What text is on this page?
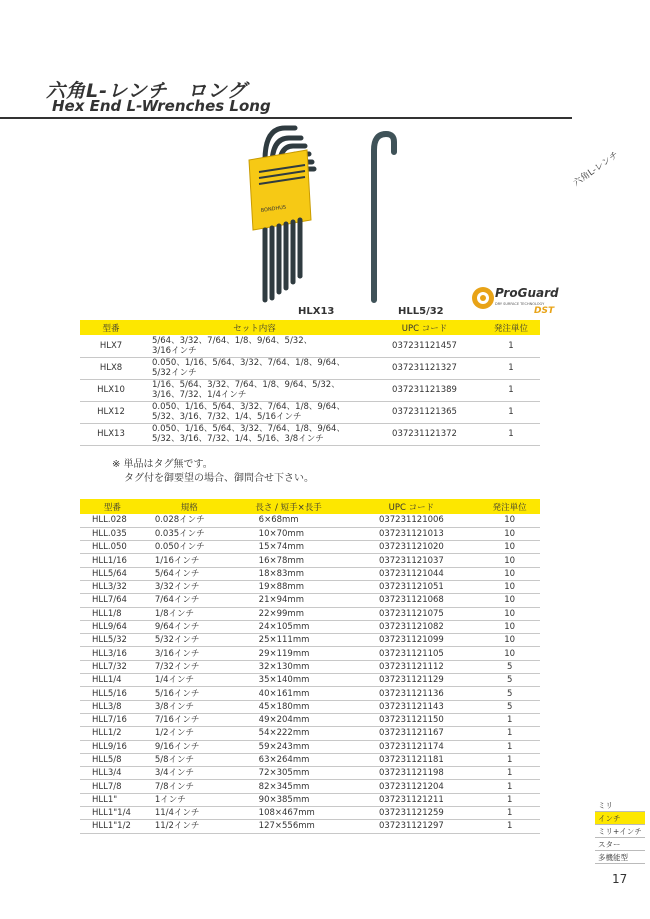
六角L-レンチ　ロング
Hex End L-Wrenches Long
六角L-レンチ
BONDHUS
HLX13	HLL5/32
ProGuard
DRY SURFACE TECHNOLOGY
DST
型番	セット内容	UPC コード	発注単位
HLX7	5/64、3/32、7/64、1/8、9/64、5/32、
3/16インチ	037231121457	1
HLX8	0.050、1/16、5/64、3/32、7/64、1/8、9/64、
5/32インチ	037231121327	1
HLX10	1/16、5/64、3/32、7/64、1/8、9/64、5/32、
3/16、7/32、1/4インチ	037231121389	1
HLX12	0.050、1/16、5/64、3/32、7/64、1/8、9/64、
5/32、3/16、7/32、1/4、5/16インチ	037231121365	1
HLX13	0.050、1/16、5/64、3/32、7/64、1/8、9/64、
5/32、3/16、7/32、1/4、5/16、3/8インチ	037231121372	1
※ 単品はタグ無です。
タグ付を御要望の場合、御問合せ下さい。
型番	規格	長さ / 短手×長手	UPC コード	発注単位
HLL.028	0.028インチ	6×68mm	037231121006	10
HLL.035	0.035インチ	10×70mm	037231121013	10
HLL.050	0.050インチ	15×74mm	037231121020	10
HLL1/16	1/16インチ	16×78mm	037231121037	10
HLL5/64	5/64インチ	18×83mm	037231121044	10
HLL3/32	3/32インチ	19×88mm	037231121051	10
HLL7/64	7/64インチ	21×94mm	037231121068	10
HLL1/8	1/8インチ	22×99mm	037231121075	10
HLL9/64	9/64インチ	24×105mm	037231121082	10
HLL5/32	5/32インチ	25×111mm	037231121099	10
HLL3/16	3/16インチ	29×119mm	037231121105	10
HLL7/32	7/32インチ	32×130mm	037231121112	5
HLL1/4	1/4インチ	35×140mm	037231121129	5
HLL5/16	5/16インチ	40×161mm	037231121136	5
HLL3/8	3/8インチ	45×180mm	037231121143	5
HLL7/16	7/16インチ	49×204mm	037231121150	1
HLL1/2	1/2インチ	54×222mm	037231121167	1
HLL9/16	9/16インチ	59×243mm	037231121174	1
HLL5/8	5/8インチ	63×264mm	037231121181	1
HLL3/4	3/4インチ	72×305mm	037231121198	1
HLL7/8	7/8インチ	82×345mm	037231121204	1
HLL1"	1インチ	90×385mm	037231121211	1
HLL1"1/4	11/4インチ	108×467mm	037231121259	1
HLL1"1/2	11/2インチ	127×556mm	037231121297	1
ミリ
インチ
ミリ+インチ
スター
多機能型
17
